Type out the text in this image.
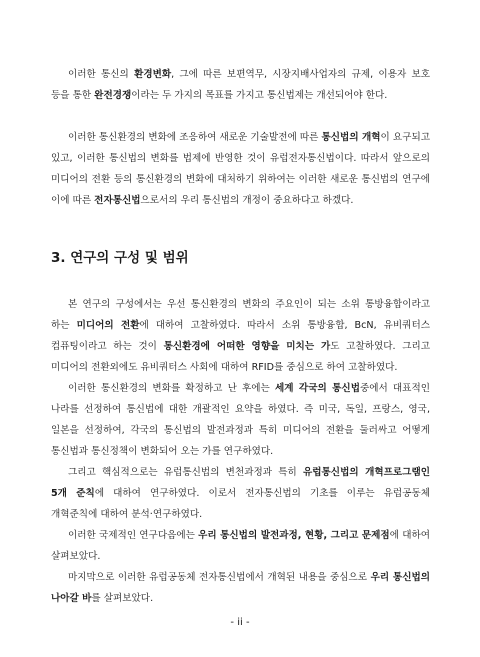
이러한 통신의 환경변화, 그에 따른 보편역무, 시장지배사업자의 규제, 이용자 보호 등을 통한 완전경쟁이라는 두 가지의 목표를 가지고 통신법제는 개선되어야 한다.

이러한 통신환경의 변화에 조응하여 새로운 기술발전에 따른 통신법의 개혁이 요구되고 있고, 이러한 통신법의 변화를 법제에 반영한 것이 유럽전자통신법이다. 따라서 앞으로의 미디어의 전환 등의 통신환경의 변화에 대처하기 위하여는 이러한 새로운 통신법의 연구에 이에 따른 전자통신법으로서의 우리 통신법의 개정이 중요하다고 하겠다.

3. 연구의 구성 및 범위

본 연구의 구성에서는 우선 통신환경의 변화의 주요인이 되는 소위 통방융합이라고 하는 미디어의 전환에 대하여 고찰하였다. 따라서 소위 통방융합, BcN, 유비쿼터스 컴퓨팅이라고 하는 것이 통신환경에 어떠한 영향을 미치는 가도 고찰하였다. 그리고 미디어의 전환외에도 유비쿼터스 사회에 대하여 RFID를 중심으로 하여 고찰하였다.

이러한 통신환경의 변화를 확정하고 난 후에는 세계 각국의 통신법중에서 대표적인 나라를 선정하여 통신법에 대한 개괄적인 요약을 하였다. 즉 미국, 독일, 프랑스, 영국, 일본을 선정하여, 각국의 통신법의 발전과정과 특히 미디어의 전환을 둘러싸고 어떻게 통신법과 통신정책이 변화되어 오는 가를 연구하였다.

그리고 핵심적으로는 유럽통신법의 변천과정과 특히 유럽통신법의 개혁프로그램인 5개 준칙에 대하여 연구하였다. 이로서 전자통신법의 기초를 이루는 유럽공동체 개혁준칙에 대하여 분석·연구하였다.

이러한 국제적인 연구다음에는 우리 통신법의 발전과정, 현황, 그리고 문제점에 대하여 살펴보았다.

마지막으로 이러한 유럽공동체 전자통신법에서 개혁된 내용을 중심으로 우리 통신법의 나아갈 바를 살펴보았다.

- ii -
